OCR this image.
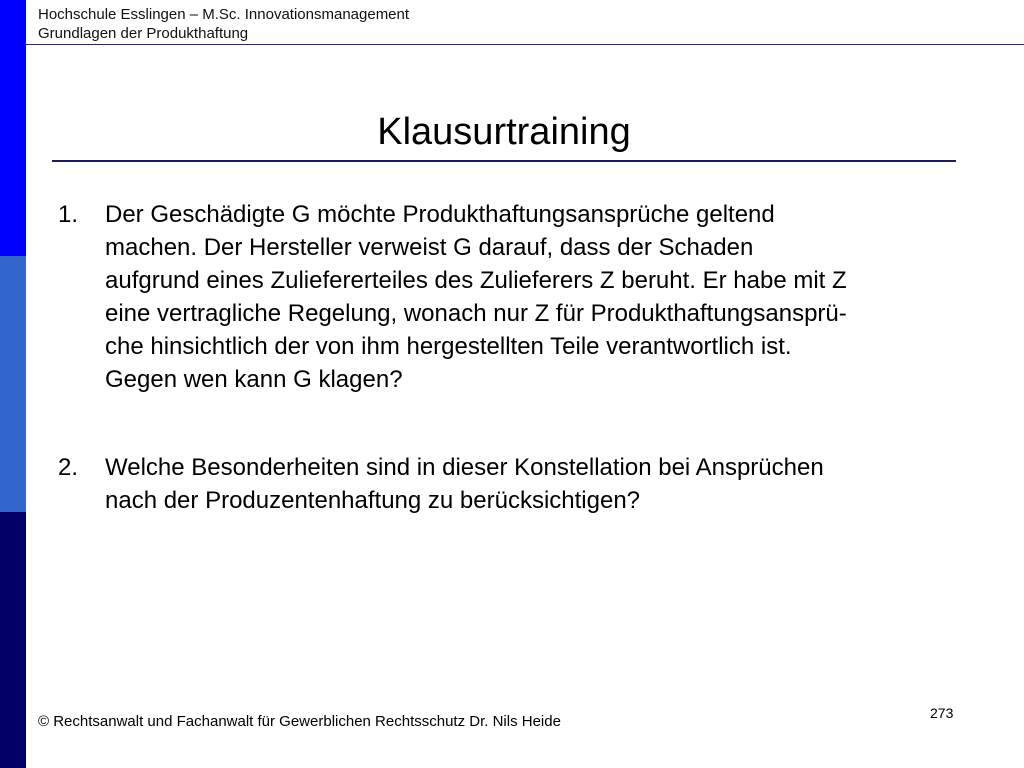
Hochschule Esslingen – M.Sc. Innovationsmanagement
Grundlagen der Produkthaftung
Klausurtraining
1.	Der Geschädigte G möchte Produkthaftungsansprüche geltend
machen. Der Hersteller verweist G darauf, dass der Schaden
aufgrund eines Zuliefererteiles des Zulieferers Z beruht. Er habe mit Z
eine vertragliche Regelung, wonach nur Z für Produkthaftungsansprü-
che hinsichtlich der von ihm hergestellten Teile verantwortlich ist.
Gegen wen kann G klagen?
2.	Welche Besonderheiten sind in dieser Konstellation bei Ansprüchen
nach der Produzentenhaftung zu berücksichtigen?
© Rechtsanwalt und Fachanwalt für Gewerblichen Rechtsschutz Dr. Nils Heide	273
